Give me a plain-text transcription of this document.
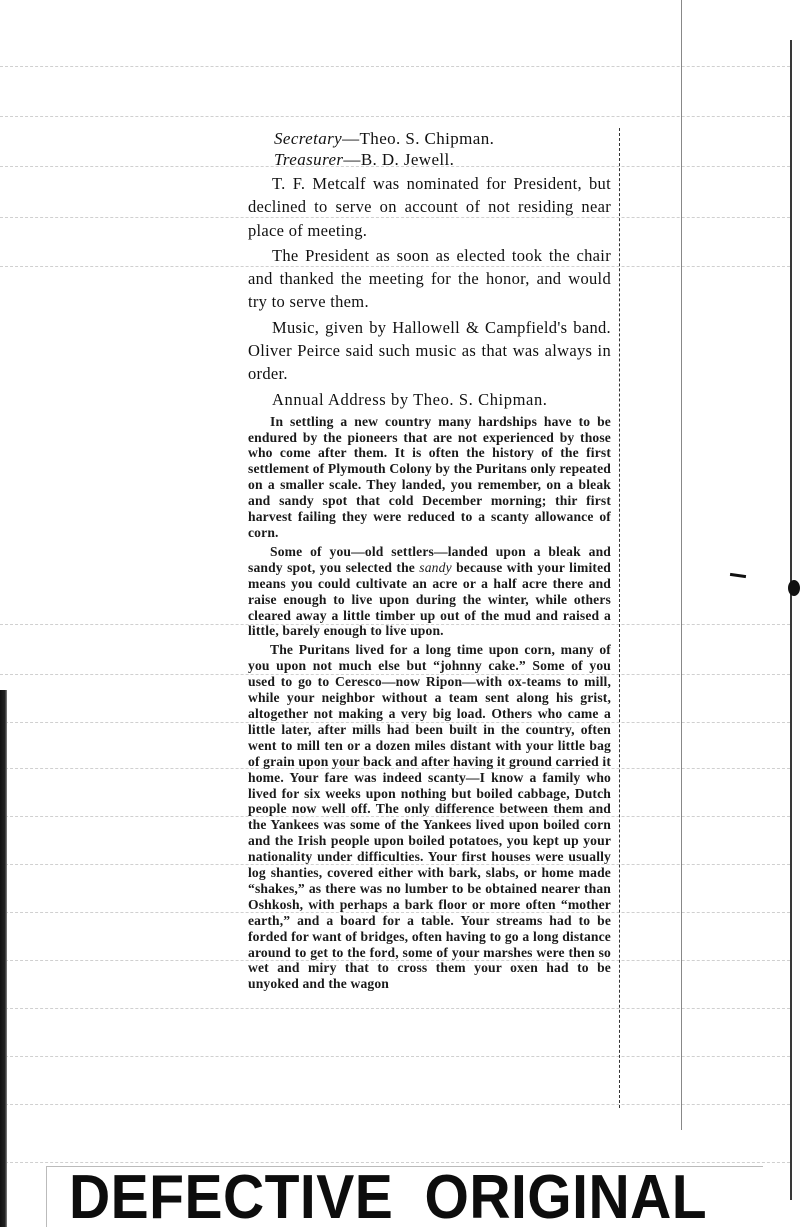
Secretary—Theo. S. Chipman.

Treasurer—B. D. Jewell.

T. F. Metcalf was nominated for President, but declined to serve on account of not residing near place of meeting.

The President as soon as elected took the chair and thanked the meeting for the honor, and would try to serve them.

Music, given by Hallowell & Campfield's band. Oliver Peirce said such music as that was always in order.

Annual Address by Theo. S. Chipman.

In settling a new country many hardships have to be endured by the pioneers that are not experienced by those who come after them. It is often the history of the first settlement of Plymouth Colony by the Puritans only repeated on a smaller scale. They landed, you remember, on a bleak and sandy spot that cold December morning; thir first harvest failing they were reduced to a scanty allowance of corn.

Some of you—old settlers—landed upon a bleak and sandy spot, you selected the sandy because with your limited means you could cultivate an acre or a half acre there and raise enough to live upon during the winter, while others cleared away a little timber up out of the mud and raised a little, barely enough to live upon.

The Puritans lived for a long time upon corn, many of you upon not much else but “johnny cake.” Some of you used to go to Ceresco—now Ripon—with ox-teams to mill, while your neighbor without a team sent along his grist, altogether not making a very big load. Others who came a little later, after mills had been built in the country, often went to mill ten or a dozen miles distant with your little bag of grain upon your back and after having it ground carried it home. Your fare was indeed scanty—I know a family who lived for six weeks upon nothing but boiled cabbage, Dutch people now well off. The only difference between them and the Yankees was some of the Yankees lived upon boiled corn and the Irish people upon boiled potatoes, you kept up your nationality under difficulties. Your first houses were usually log shanties, covered either with bark, slabs, or home made “shakes,” as there was no lumber to be obtained nearer than Oshkosh, with perhaps a bark floor or more often “mother earth,” and a board for a table. Your streams had to be forded for want of bridges, often having to go a long distance around to get to the ford, some of your marshes were then so wet and miry that to cross them your oxen had to be unyoked and the wagon

DEFECTIVE ORIGINAL
